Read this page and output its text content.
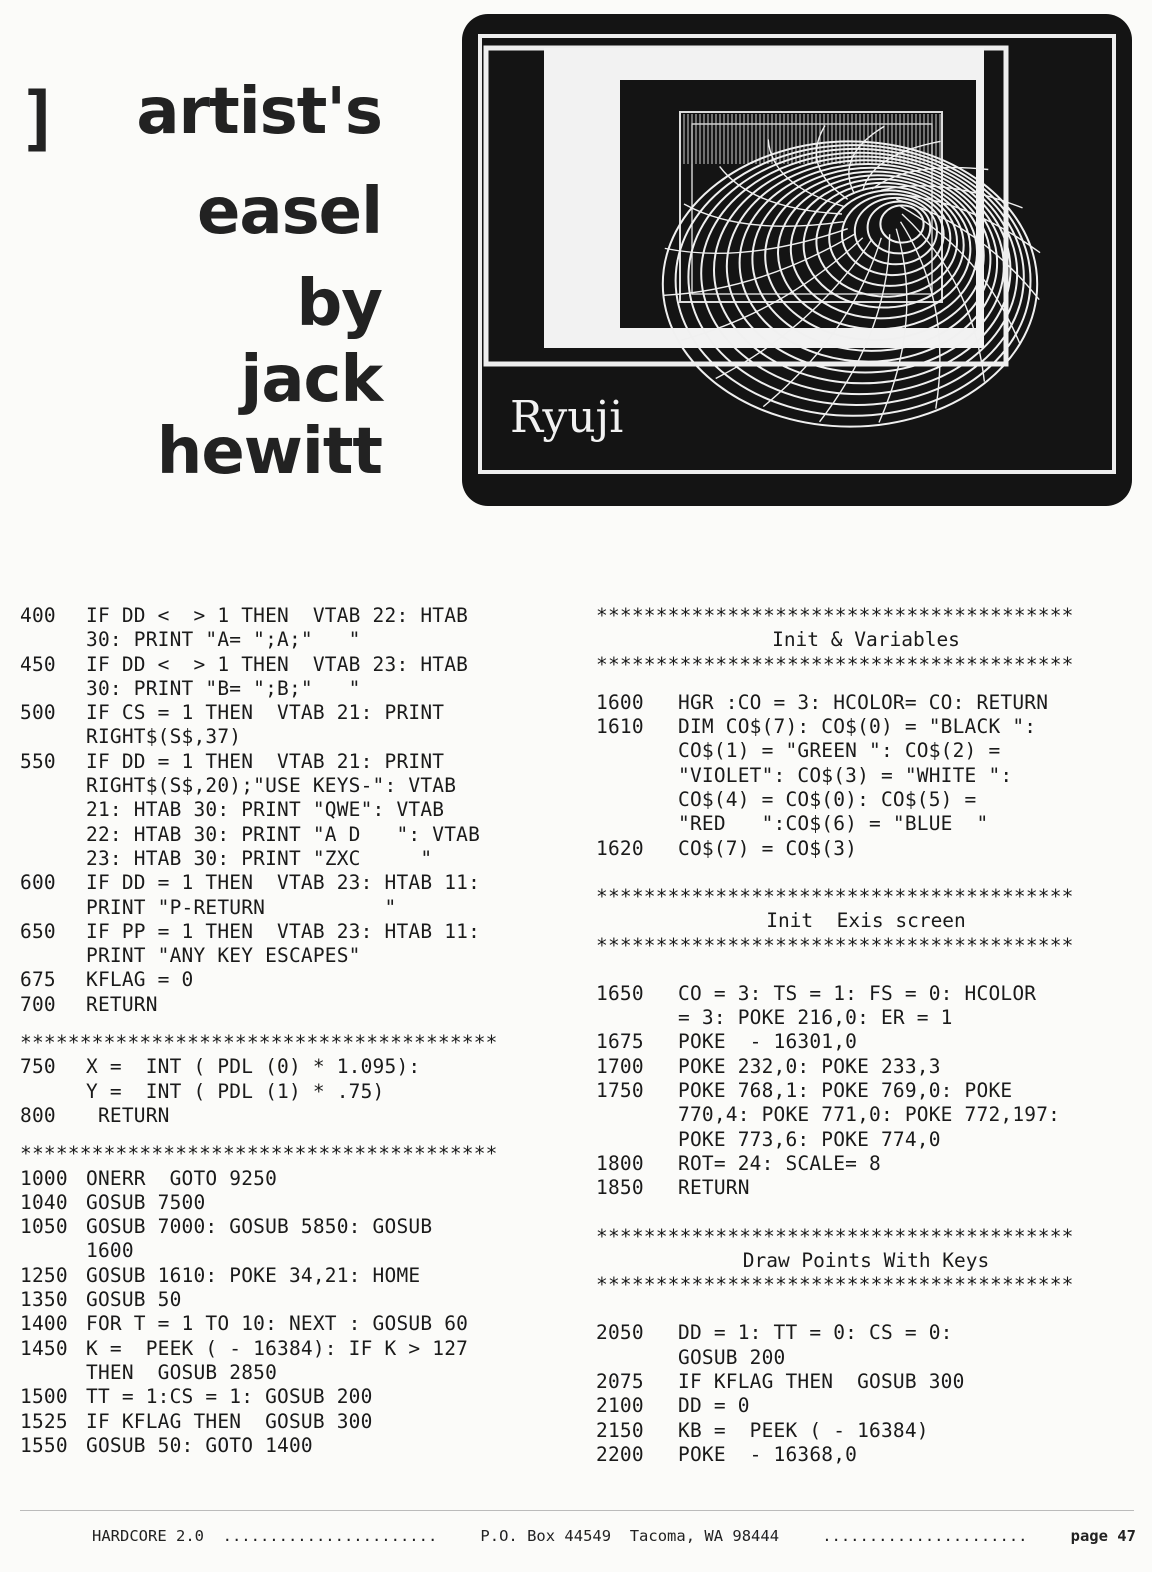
] artist's
easel
by
jack
hewitt	Ryuji
400	IF DD <  > 1 THEN  VTAB 22: HTAB
30: PRINT "A= ";A;"   "
450	IF DD <  > 1 THEN  VTAB 23: HTAB
30: PRINT "B= ";B;"   "
500	IF CS = 1 THEN  VTAB 21: PRINT
RIGHT$(S$,37)
550	IF DD = 1 THEN  VTAB 21: PRINT
RIGHT$(S$,20);"USE KEYS-": VTAB
21: HTAB 30: PRINT "QWE": VTAB
22: HTAB 30: PRINT "A D   ": VTAB
23: HTAB 30: PRINT "ZXC     "
600	IF DD = 1 THEN  VTAB 23: HTAB 11:
PRINT "P-RETURN          "
650	IF PP = 1 THEN  VTAB 23: HTAB 11:
PRINT "ANY KEY ESCAPES"
675	KFLAG = 0
700	RETURN
****************************************
750	X =  INT ( PDL (0) * 1.095):
Y =  INT ( PDL (1) * .75)
800	RETURN
****************************************
1000 ONERR  GOTO 9250
1040 GOSUB 7500
1050 GOSUB 7000: GOSUB 5850: GOSUB
1600
1250 GOSUB 1610: POKE 34,21: HOME
1350 GOSUB 50
1400 FOR T = 1 TO 10: NEXT : GOSUB 60
1450 K =  PEEK ( - 16384): IF K > 127
THEN  GOSUB 2850
1500 TT = 1:CS = 1: GOSUB 200
1525 IF KFLAG THEN  GOSUB 300
1550 GOSUB 50: GOTO 1400
****************************************
Init & Variables
****************************************
1600	HGR :CO = 3: HCOLOR= CO: RETURN
1610	DIM CO$(7): CO$(0) = "BLACK ":
CO$(1) = "GREEN ": CO$(2) =
"VIOLET": CO$(3) = "WHITE ":
CO$(4) = CO$(0): CO$(5) =
"RED   ":CO$(6) = "BLUE  "
1620	CO$(7) = CO$(3)
****************************************
Init  Exis screen
****************************************
1650	CO = 3: TS = 1: FS = 0: HCOLOR
= 3: POKE 216,0: ER = 1
1675	POKE  - 16301,0
1700	POKE 232,0: POKE 233,3
1750	POKE 768,1: POKE 769,0: POKE
770,4: POKE 771,0: POKE 772,197:
POKE 773,6: POKE 774,0
1800	ROT= 24: SCALE= 8
1850	RETURN
****************************************
Draw Points With Keys
****************************************
2050	DD = 1: TT = 0: CS = 0:
GOSUB 200
2075	IF KFLAG THEN  GOSUB 300
2100	DD = 0
2150	KB =  PEEK ( - 16384)
2200	POKE  - 16368,0
HARDCORE 2.0  .......................	P.O. Box 44549  Tacoma, WA 98444	......................	page 47
